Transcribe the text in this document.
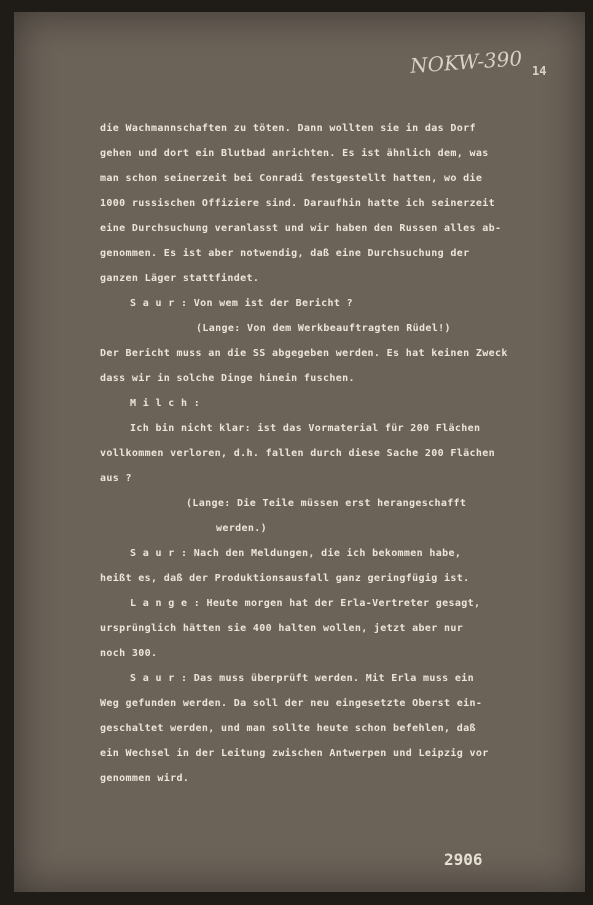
NOKW-390 14
die Wachmannschaften zu töten. Dann wollten sie in das Dorf
gehen und dort ein Blutbad anrichten. Es ist ähnlich dem, was
man schon seinerzeit bei Conradi festgestellt hatten, wo die
1000 russischen Offiziere sind. Daraufhin hatte ich seinerzeit
eine Durchsuchung veranlasst und wir haben den Russen alles ab-
genommen. Es ist aber notwendig, daß eine Durchsuchung der
ganzen Läger stattfindet.
S a u r : Von wem ist der Bericht ?
(Lange: Von dem Werkbeauftragten Rüdel!)
Der Bericht muss an die SS abgegeben werden. Es hat keinen Zweck
dass wir in solche Dinge hinein fuschen.
M i l c h :
Ich bin nicht klar: ist das Vormaterial für 200 Flächen
vollkommen verloren, d.h. fallen durch diese Sache 200 Flächen
aus ?
(Lange: Die Teile müssen erst herangeschafft
werden.)
S a u r : Nach den Meldungen, die ich bekommen habe,
heißt es, daß der Produktionsausfall ganz geringfügig ist.
L a n g e : Heute morgen hat der Erla-Vertreter gesagt,
ursprünglich hätten sie 400 halten wollen, jetzt aber nur
noch 300.
S a u r : Das muss überprüft werden. Mit Erla muss ein
Weg gefunden werden. Da soll der neu eingesetzte Oberst ein-
geschaltet werden, und man sollte heute schon befehlen, daß
ein Wechsel in der Leitung zwischen Antwerpen und Leipzig vor
genommen wird.
2906
